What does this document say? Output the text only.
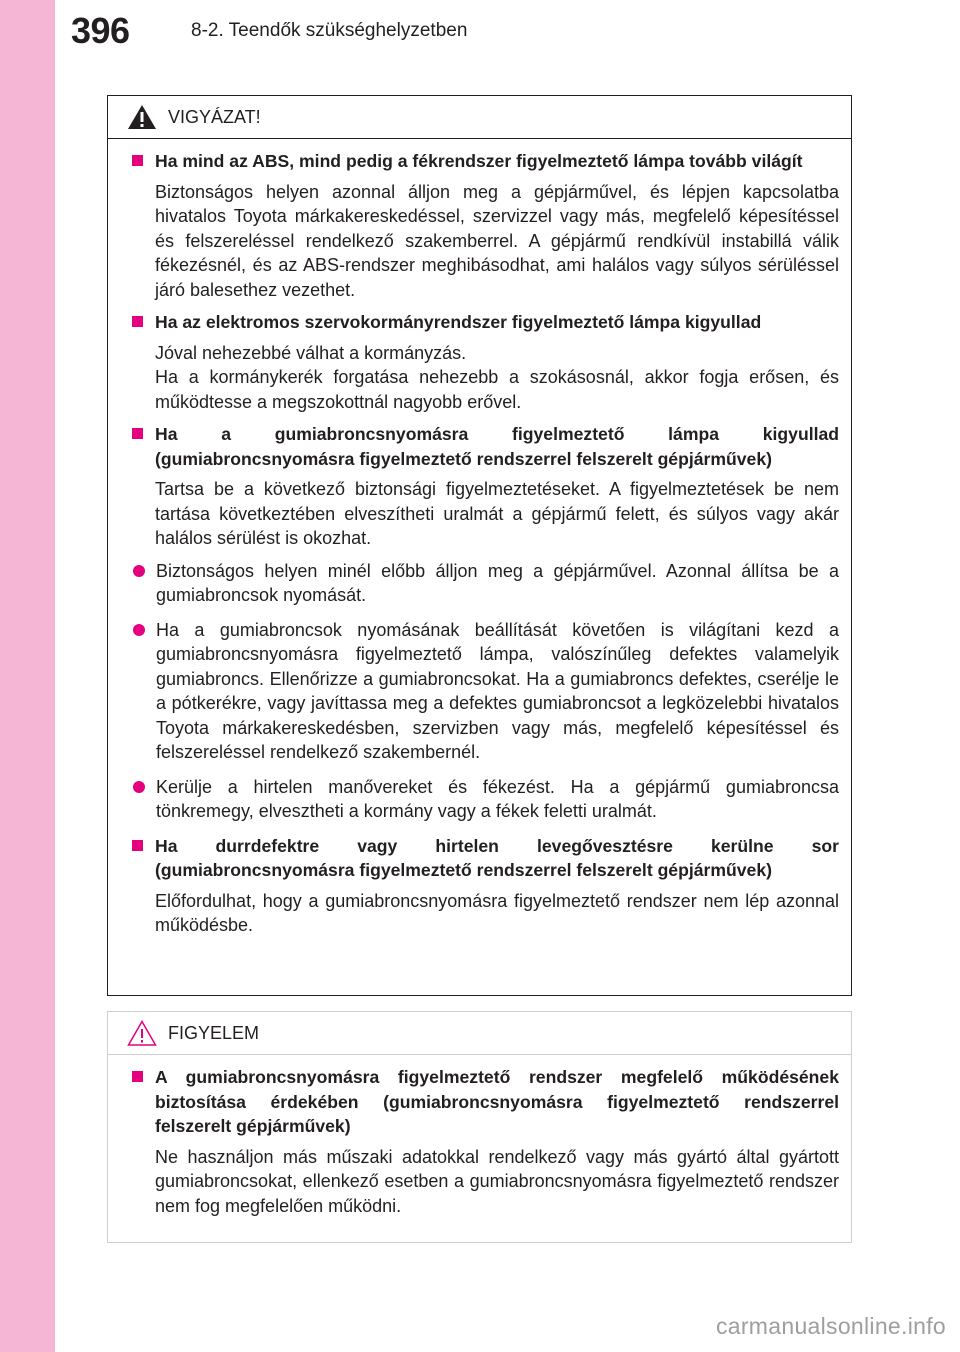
396	8-2. Teendők szükséghelyzetben
VIGYÁZAT!
Ha mind az ABS, mind pedig a fékrendszer figyelmeztető lámpa tovább világít
Biztonságos helyen azonnal álljon meg a gépjárművel, és lépjen kapcsolatba hivatalos Toyota márkakereskedéssel, szervizzel vagy más, megfelelő képesítéssel és felszereléssel rendelkező szakemberrel. A gépjármű rendkívül instabillá válik fékezésnél, és az ABS-rendszer meghibásodhat, ami halálos vagy súlyos sérüléssel járó balesethez vezethet.
Ha az elektromos szervokormányrendszer figyelmeztető lámpa kigyullad
Jóval nehezebbé válhat a kormányzás.
Ha a kormánykerék forgatása nehezebb a szokásosnál, akkor fogja erősen, és működtesse a megszokottnál nagyobb erővel.
Ha a gumiabroncsnyomásra figyelmeztető lámpa kigyullad (gumiabroncsnyomásra figyelmeztető rendszerrel felszerelt gépjárművek)
Tartsa be a következő biztonsági figyelmeztetéseket. A figyelmeztetések be nem tartása következtében elveszítheti uralmát a gépjármű felett, és súlyos vagy akár halálos sérülést is okozhat.
Biztonságos helyen minél előbb álljon meg a gépjárművel. Azonnal állítsa be a gumiabroncsok nyomását.
Ha a gumiabroncsok nyomásának beállítását követően is világítani kezd a gumiabroncsnyomásra figyelmeztető lámpa, valószínűleg defektes valamelyik gumiabroncs. Ellenőrizze a gumiabroncsokat. Ha a gumiabroncs defektes, cserélje le a pótkerékre, vagy javíttassa meg a defektes gumiabroncsot a legközelebbi hivatalos Toyota márkakereskedésben, szervizben vagy más, megfelelő képesítéssel és felszereléssel rendelkező szakembernél.
Kerülje a hirtelen manővereket és fékezést. Ha a gépjármű gumiabroncsa tönkremegy, elvesztheti a kormány vagy a fékek feletti uralmát.
Ha durrdefektre vagy hirtelen levegővesztésre kerülne sor (gumiabroncsnyomásra figyelmeztető rendszerrel felszerelt gépjárművek)
Előfordulhat, hogy a gumiabroncsnyomásra figyelmeztető rendszer nem lép azonnal működésbe.
FIGYELEM
A gumiabroncsnyomásra figyelmeztető rendszer megfelelő működésének biztosítása érdekében (gumiabroncsnyomásra figyelmeztető rendszerrel felszerelt gépjárművek)
Ne használjon más műszaki adatokkal rendelkező vagy más gyártó által gyártott gumiabroncsokat, ellenkező esetben a gumiabroncsnyomásra figyelmeztető rendszer nem fog megfelelően működni.
carmanualsonline.info
